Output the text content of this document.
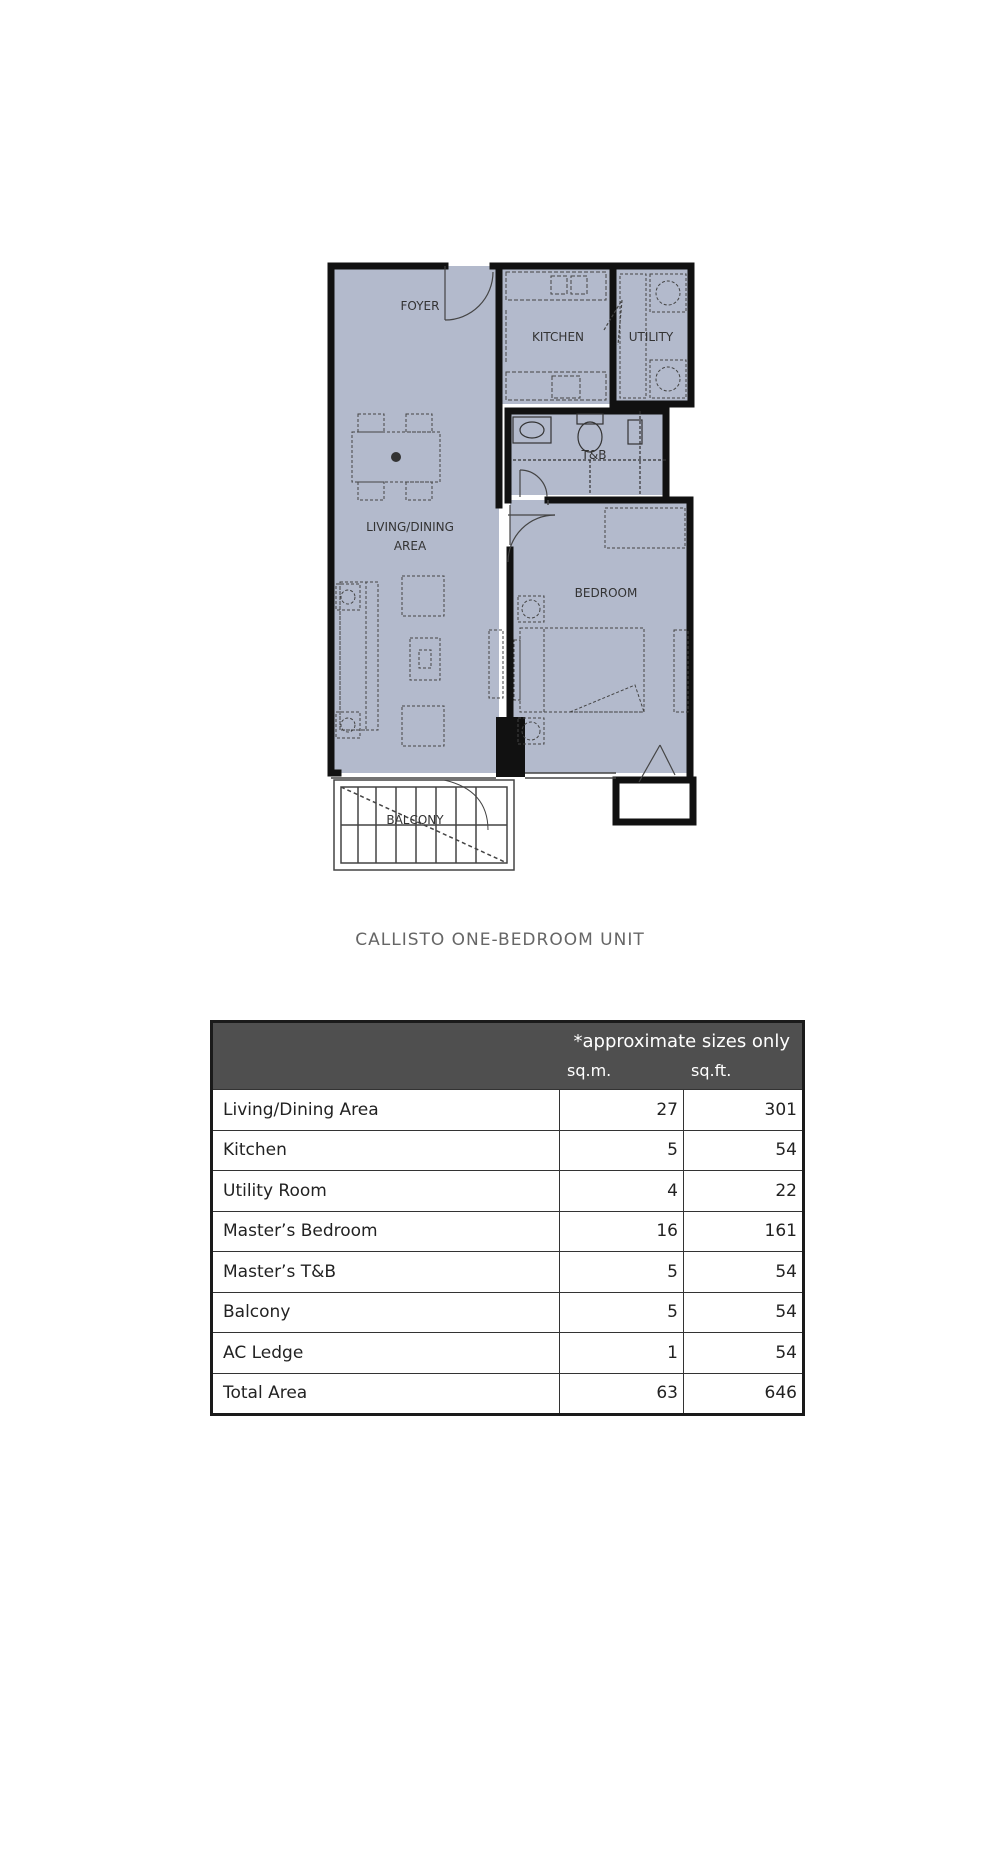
FOYER
KITCHEN	UTILITY
T&B
LIVING/DINING
AREA
BEDROOM
BALCONY
CALLISTO ONE-BEDROOM UNIT
*approximate sizes only
sq.m.	sq.ft.
Living/Dining Area	27	301
Kitchen	5	54
Utility Room	4	22
Master’s Bedroom	16	161
Master’s T&B	5	54
Balcony	5	54
AC Ledge	1	54
Total Area	63	646
